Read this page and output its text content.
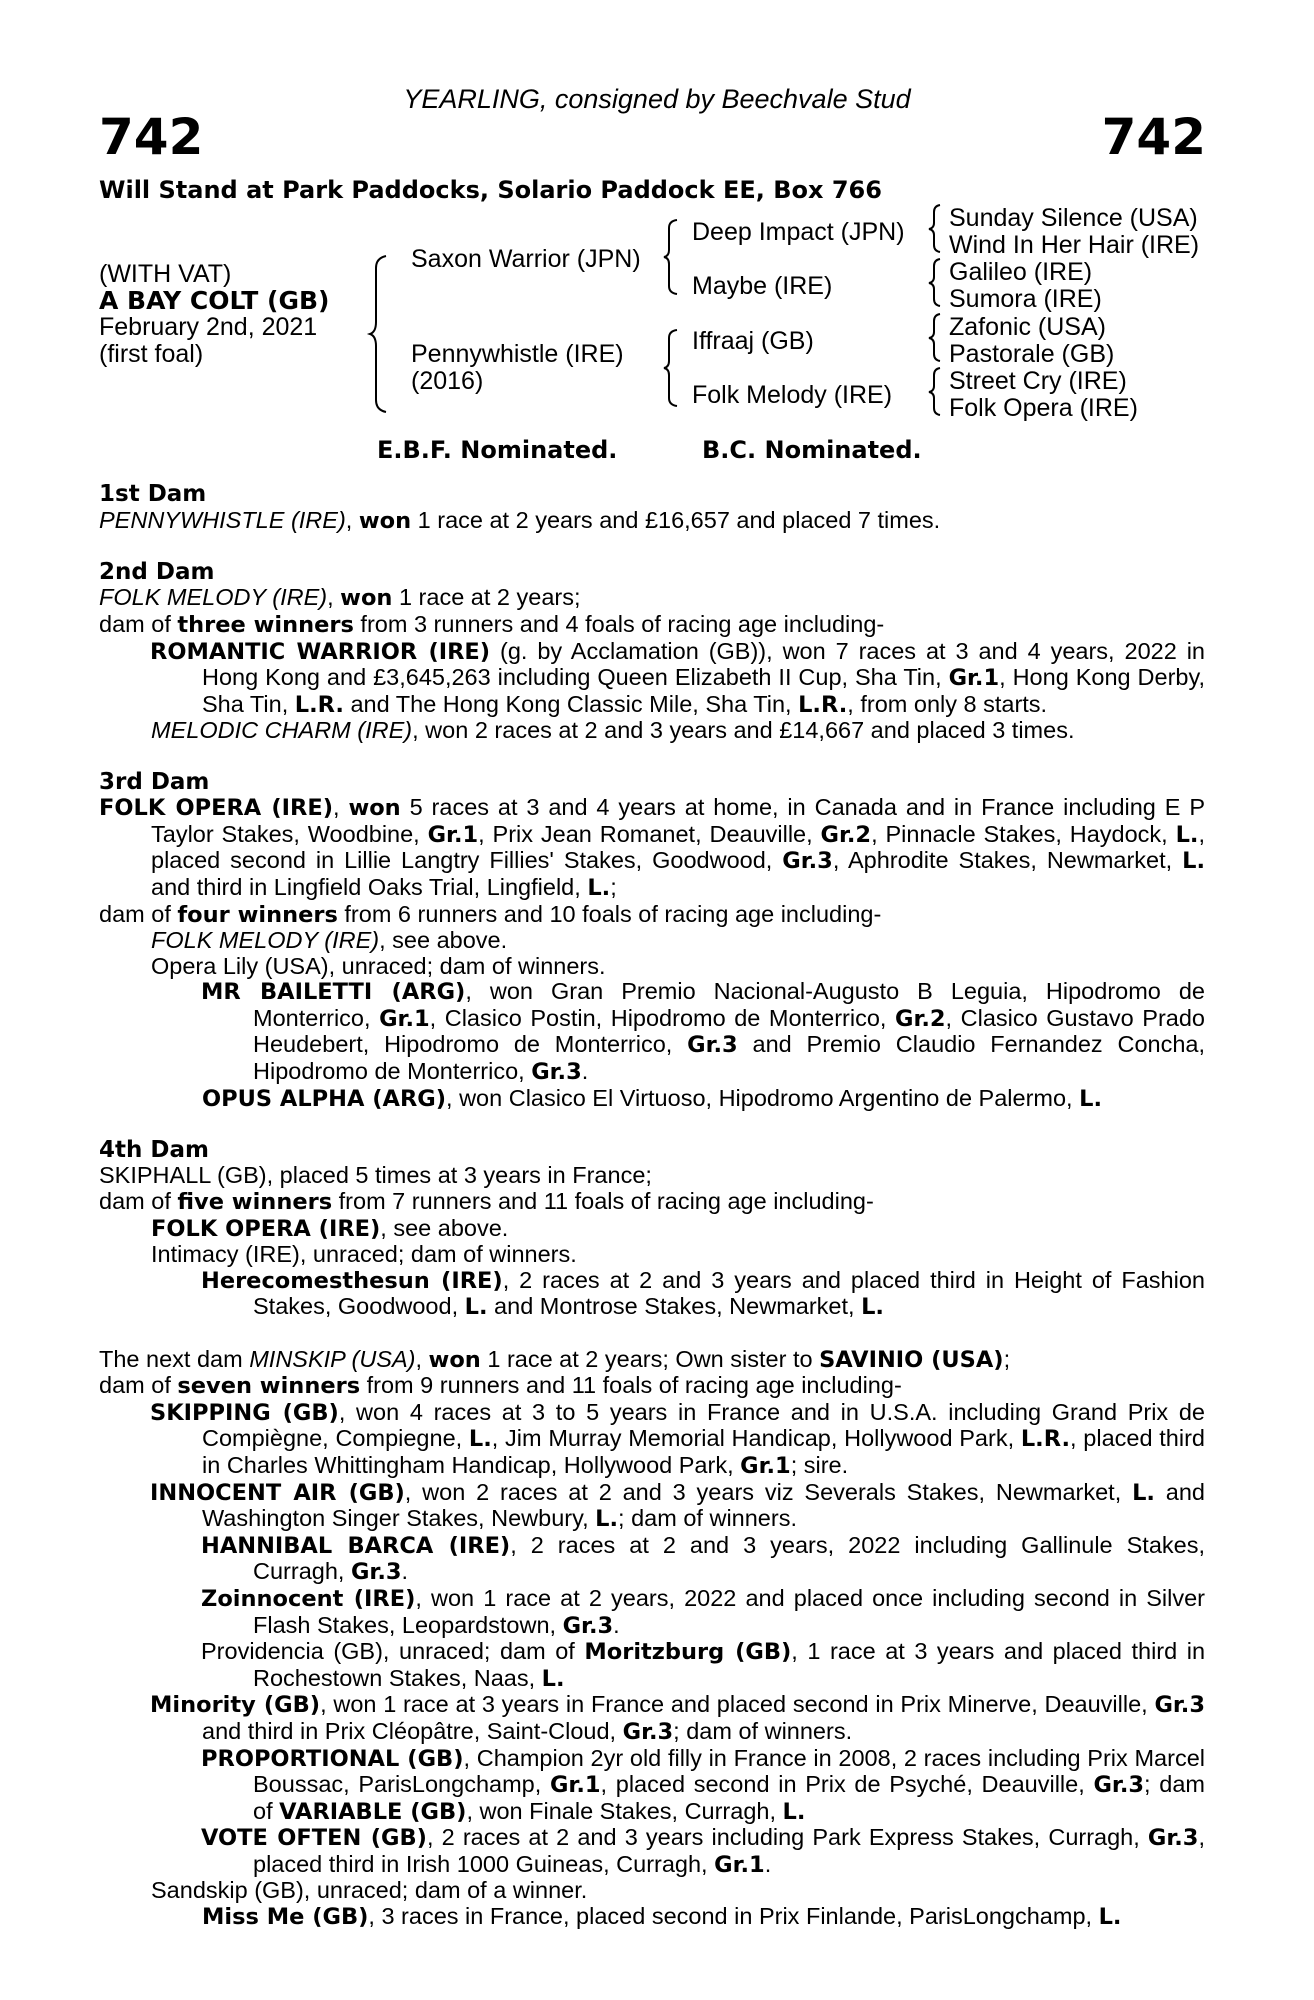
YEARLING, consigned by Beechvale Stud
742	742
Will Stand at Park Paddocks, Solario Paddock EE, Box 766
(WITH VAT)
A BAY COLT (GB)
February 2nd, 2021
(first foal)
Saxon Warrior (JPN)
Pennywhistle (IRE)
(2016)
Deep Impact (JPN)
Maybe (IRE)
Iffraaj (GB)
Folk Melody (IRE)
Sunday Silence (USA)
Wind In Her Hair (IRE)
Galileo (IRE)
Sumora (IRE)
Zafonic (USA)
Pastorale (GB)
Street Cry (IRE)
Folk Opera (IRE)
E.B.F. Nominated.	B.C. Nominated.
1st Dam
PENNYWHISTLE (IRE), won 1 race at 2 years and £16,657 and placed 7 times.
2nd Dam
FOLK MELODY (IRE), won 1 race at 2 years;
dam of three winners from 3 runners and 4 foals of racing age including-
ROMANTIC WARRIOR (IRE) (g. by Acclamation (GB)), won 7 races at 3 and 4 years, 2022 in Hong Kong and £3,645,263 including Queen Elizabeth II Cup, Sha Tin, Gr.1, Hong Kong Derby, Sha Tin, L.R. and The Hong Kong Classic Mile, Sha Tin, L.R., from only 8 starts.
MELODIC CHARM (IRE), won 2 races at 2 and 3 years and £14,667 and placed 3 times.
3rd Dam
FOLK OPERA (IRE), won 5 races at 3 and 4 years at home, in Canada and in France including E P Taylor Stakes, Woodbine, Gr.1, Prix Jean Romanet, Deauville, Gr.2, Pinnacle Stakes, Haydock, L., placed second in Lillie Langtry Fillies' Stakes, Goodwood, Gr.3, Aphrodite Stakes, Newmarket, L. and third in Lingfield Oaks Trial, Lingfield, L.;
dam of four winners from 6 runners and 10 foals of racing age including-
FOLK MELODY (IRE), see above.
Opera Lily (USA), unraced; dam of winners.
MR BAILETTI (ARG), won Gran Premio Nacional-Augusto B Leguia, Hipodromo de Monterrico, Gr.1, Clasico Postin, Hipodromo de Monterrico, Gr.2, Clasico Gustavo Prado Heudebert, Hipodromo de Monterrico, Gr.3 and Premio Claudio Fernandez Concha, Hipodromo de Monterrico, Gr.3.
OPUS ALPHA (ARG), won Clasico El Virtuoso, Hipodromo Argentino de Palermo, L.
4th Dam
SKIPHALL (GB), placed 5 times at 3 years in France;
dam of five winners from 7 runners and 11 foals of racing age including-
FOLK OPERA (IRE), see above.
Intimacy (IRE), unraced; dam of winners.
Herecomesthesun (IRE), 2 races at 2 and 3 years and placed third in Height of Fashion Stakes, Goodwood, L. and Montrose Stakes, Newmarket, L.
The next dam MINSKIP (USA), won 1 race at 2 years; Own sister to SAVINIO (USA);
dam of seven winners from 9 runners and 11 foals of racing age including-
SKIPPING (GB), won 4 races at 3 to 5 years in France and in U.S.A. including Grand Prix de Compiègne, Compiegne, L., Jim Murray Memorial Handicap, Hollywood Park, L.R., placed third in Charles Whittingham Handicap, Hollywood Park, Gr.1; sire.
INNOCENT AIR (GB), won 2 races at 2 and 3 years viz Severals Stakes, Newmarket, L. and Washington Singer Stakes, Newbury, L.; dam of winners.
HANNIBAL BARCA (IRE), 2 races at 2 and 3 years, 2022 including Gallinule Stakes, Curragh, Gr.3.
Zoinnocent (IRE), won 1 race at 2 years, 2022 and placed once including second in Silver Flash Stakes, Leopardstown, Gr.3.
Providencia (GB), unraced; dam of Moritzburg (GB), 1 race at 3 years and placed third in Rochestown Stakes, Naas, L.
Minority (GB), won 1 race at 3 years in France and placed second in Prix Minerve, Deauville, Gr.3 and third in Prix Cléopâtre, Saint-Cloud, Gr.3; dam of winners.
PROPORTIONAL (GB), Champion 2yr old filly in France in 2008, 2 races including Prix Marcel Boussac, ParisLongchamp, Gr.1, placed second in Prix de Psyché, Deauville, Gr.3; dam of VARIABLE (GB), won Finale Stakes, Curragh, L.
VOTE OFTEN (GB), 2 races at 2 and 3 years including Park Express Stakes, Curragh, Gr.3, placed third in Irish 1000 Guineas, Curragh, Gr.1.
Sandskip (GB), unraced; dam of a winner.
Miss Me (GB), 3 races in France, placed second in Prix Finlande, ParisLongchamp, L.
